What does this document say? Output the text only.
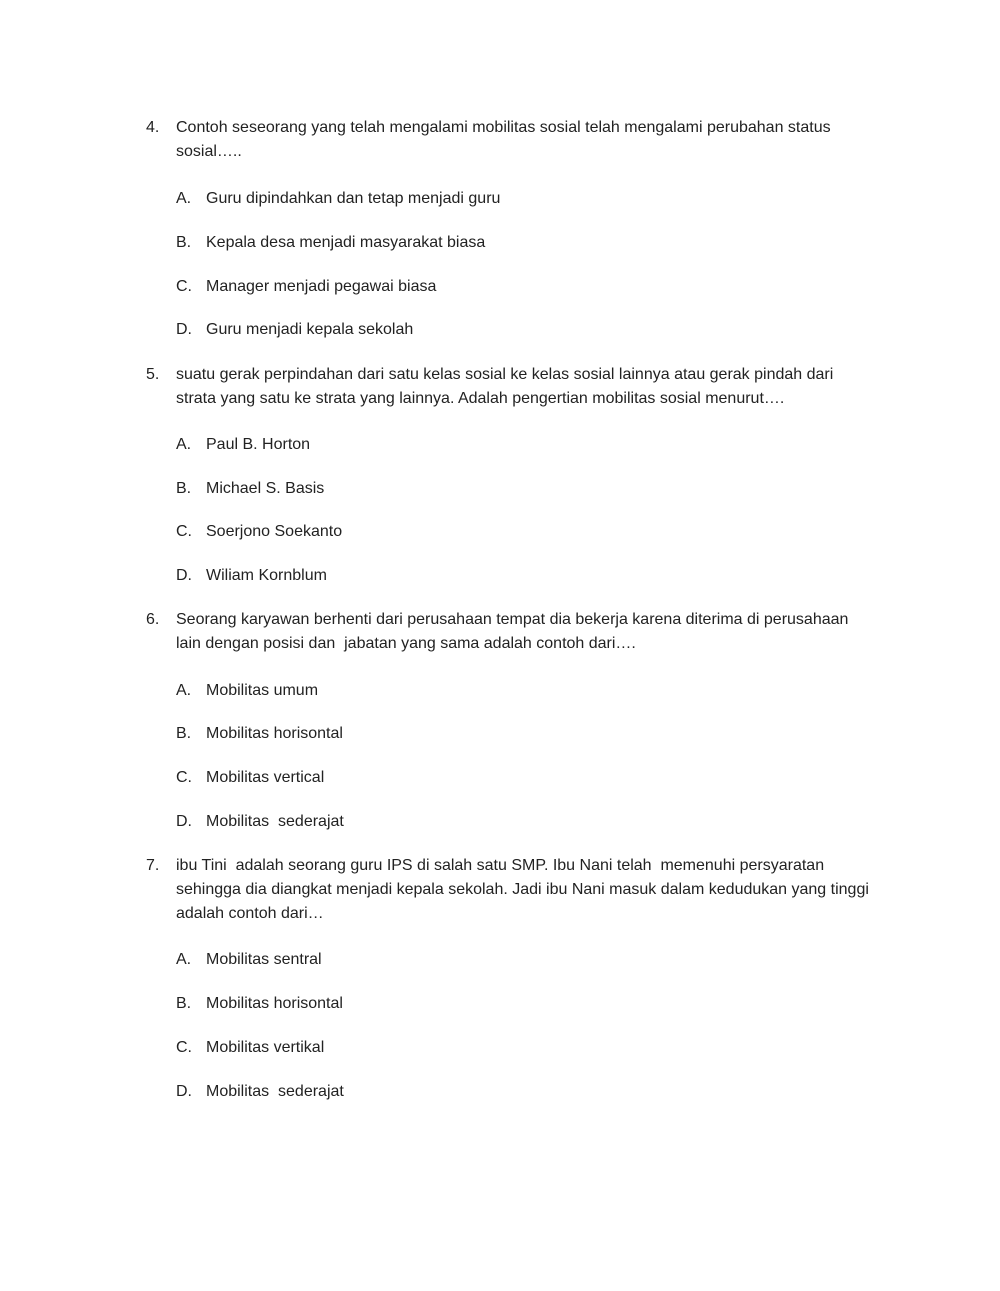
4. Contoh seseorang yang telah mengalami mobilitas sosial telah mengalami perubahan status
sosial…..
A. Guru dipindahkan dan tetap menjadi guru
B. Kepala desa menjadi masyarakat biasa
C. Manager menjadi pegawai biasa
D. Guru menjadi kepala sekolah
5. suatu gerak perpindahan dari satu kelas sosial ke kelas sosial lainnya atau gerak pindah dari
strata yang satu ke strata yang lainnya. Adalah pengertian mobilitas sosial menurut….
A. Paul B. Horton
B. Michael S. Basis
C. Soerjono Soekanto
D. Wiliam Kornblum
6. Seorang karyawan berhenti dari perusahaan tempat dia bekerja karena diterima di perusahaan
lain dengan posisi dan  jabatan yang sama adalah contoh dari….
A. Mobilitas umum
B. Mobilitas horisontal
C. Mobilitas vertical
D. Mobilitas  sederajat
7. ibu Tini  adalah seorang guru IPS di salah satu SMP. Ibu Nani telah  memenuhi persyaratan
sehingga dia diangkat menjadi kepala sekolah. Jadi ibu Nani masuk dalam kedudukan yang tinggi
adalah contoh dari…
A. Mobilitas sentral
B. Mobilitas horisontal
C. Mobilitas vertikal
D. Mobilitas  sederajat
